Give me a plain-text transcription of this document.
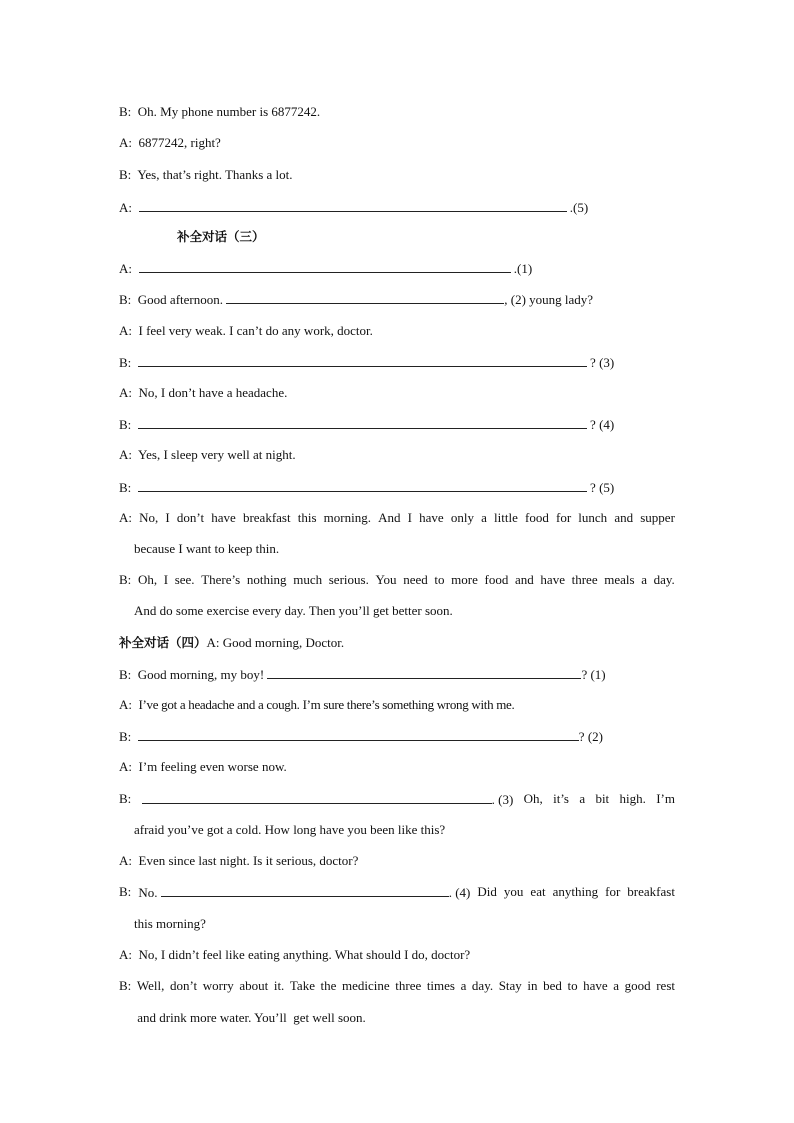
B: Oh. My phone number is 6877242.
A: 6877242, right?
B: Yes, that’s right. Thanks a lot.
A:	.(5)
补全对话（三）
A:	.(1)
B: Good afternoon.	, (2) young lady?
A: I feel very weak. I can’t do any work, doctor.
B:	? (3)
A: No, I don’t have a headache.
B:	? (4)
A: Yes, I sleep very well at night.
B:	? (5)
A: No, I don’t have breakfast this morning. And I have only a little food for lunch and supper
because I want to keep thin.
B: Oh, I see. There’s nothing much serious. You need to more food and have three meals a day.
And do some exercise every day. Then you’ll get better soon.
补全对话（四）A: Good morning, Doctor.
B: Good morning, my boy!	? (1)
A: I’ve got a headache and a cough. I’m sure there’s something wrong with me.
B:	? (2)
A: I’m feeling even worse now.
B:	. (3) Oh, it’s a bit high. I’m
afraid you’ve got a cold. How long have you been like this?
A: Even since last night. Is it serious, doctor?
B: No.	. (4) Did you eat anything for breakfast
this morning?
A: No, I didn’t feel like eating anything. What should I do, doctor?
B: Well, don’t worry about it. Take the medicine three times a day. Stay in bed to have a good rest
and drink more water. You’ll  get well soon.
